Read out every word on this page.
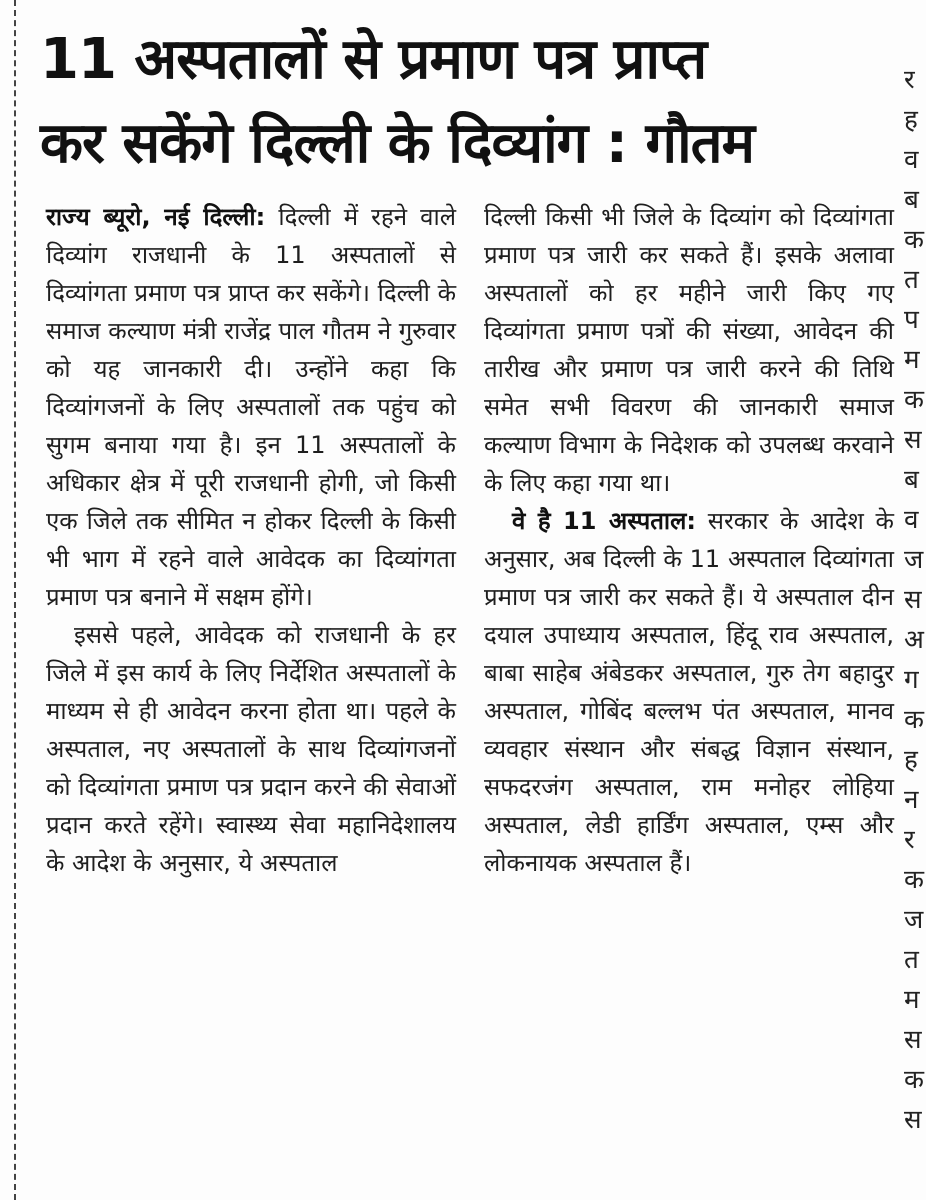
र
ह
व
ब
क
त
प
म
क
स
ब
व
ज
स
अ
ग
क
ह
न
र
क
ज
त
म
स
क
स
11 अस्पतालों से प्रमाण पत्र प्राप्त
कर सकेंगे दिल्ली के दिव्यांग : गौतम

राज्य ब्यूरो, नई दिल्ली: दिल्ली में रहने वाले दिव्यांग राजधानी के 11 अस्पतालों से दिव्यांगता प्रमाण पत्र प्राप्त कर सकेंगे। दिल्ली के समाज कल्याण मंत्री राजेंद्र पाल गौतम ने गुरुवार को यह जानकारी दी। उन्होंने कहा कि दिव्यांगजनों के लिए अस्पतालों तक पहुंच को सुगम बनाया गया है। इन 11 अस्पतालों के अधिकार क्षेत्र में पूरी राजधानी होगी, जो किसी एक जिले तक सीमित न होकर दिल्ली के किसी भी भाग में रहने वाले आवेदक का दिव्यांगता प्रमाण पत्र बनाने में सक्षम होंगे।

इससे पहले, आवेदक को राजधानी के हर जिले में इस कार्य के लिए निर्देशित अस्पतालों के माध्यम से ही आवेदन करना होता था। पहले के अस्पताल, नए अस्पतालों के साथ दिव्यांगजनों को दिव्यांगता प्रमाण पत्र प्रदान करने की सेवाओं प्रदान करते रहेंगे। स्वास्थ्य सेवा महानिदेशालय के आदेश के अनुसार, ये अस्पताल

दिल्ली किसी भी जिले के दिव्यांग को दिव्यांगता प्रमाण पत्र जारी कर सकते हैं। इसके अलावा अस्पतालों को हर महीने जारी किए गए दिव्यांगता प्रमाण पत्रों की संख्या, आवेदन की तारीख और प्रमाण पत्र जारी करने की तिथि समेत सभी विवरण की जानकारी समाज कल्याण विभाग के निदेशक को उपलब्ध करवाने के लिए कहा गया था।

वे है 11 अस्पताल: सरकार के आदेश के अनुसार, अब दिल्ली के 11 अस्पताल दिव्यांगता प्रमाण पत्र जारी कर सकते हैं। ये अस्पताल दीन दयाल उपाध्याय अस्पताल, हिंदू राव अस्पताल, बाबा साहेब अंबेडकर अस्पताल, गुरु तेग बहादुर अस्पताल, गोबिंद बल्लभ पंत अस्पताल, मानव व्यवहार संस्थान और संबद्ध विज्ञान संस्थान, सफदरजंग अस्पताल, राम मनोहर लोहिया अस्पताल, लेडी हार्डिंग अस्पताल, एम्स और लोकनायक अस्पताल हैं।
